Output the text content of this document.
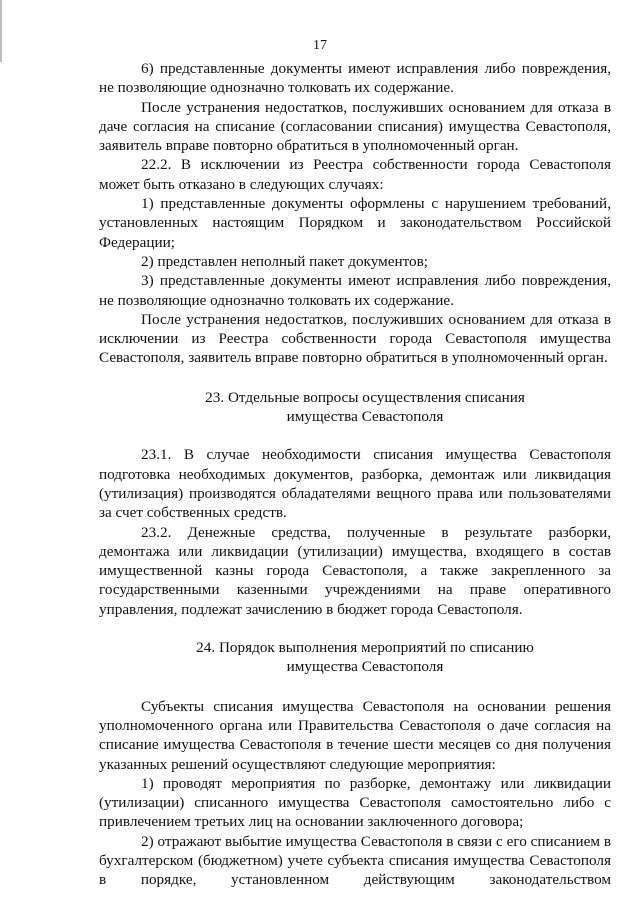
17

6) представленные документы имеют исправления либо повреждения, не позволяющие однозначно толковать их содержание.

После устранения недостатков, послуживших основанием для отказа в даче согласия на списание (согласовании списания) имущества Севастополя, заявитель вправе повторно обратиться в уполномоченный орган.

22.2. В исключении из Реестра собственности города Севастополя может быть отказано в следующих случаях:

1) представленные документы оформлены с нарушением требований, установленных настоящим Порядком и законодательством Российской Федерации;

2) представлен неполный пакет документов;

3) представленные документы имеют исправления либо повреждения, не позволяющие однозначно толковать их содержание.

После устранения недостатков, послуживших основанием для отказа в исключении из Реестра собственности города Севастополя имущества Севастополя, заявитель вправе повторно обратиться в уполномоченный орган.

23. Отдельные вопросы осуществления списания
имущества Севастополя

23.1. В случае необходимости списания имущества Севастополя подготовка необходимых документов, разборка, демонтаж или ликвидация (утилизация) производятся обладателями вещного права или пользователями за счет собственных средств.

23.2. Денежные средства, полученные в результате разборки, демонтажа или ликвидации (утилизации) имущества, входящего в состав имущественной казны города Севастополя, а также закрепленного за государственными казенными учреждениями на праве оперативного управления, подлежат зачислению в бюджет города Севастополя.

24. Порядок выполнения мероприятий по списанию
имущества Севастополя

Субъекты списания имущества Севастополя на основании решения уполномоченного органа или Правительства Севастополя о даче согласия на списание имущества Севастополя в течение шести месяцев со дня получения указанных решений осуществляют следующие мероприятия:

1) проводят мероприятия по разборке, демонтажу или ликвидации (утилизации) списанного имущества Севастополя самостоятельно либо с привлечением третьих лиц на основании заключенного договора;

2) отражают выбытие имущества Севастополя в связи с его списанием в бухгалтерском (бюджетном) учете субъекта списания имущества Севастополя в порядке, установленном действующим законодательством
